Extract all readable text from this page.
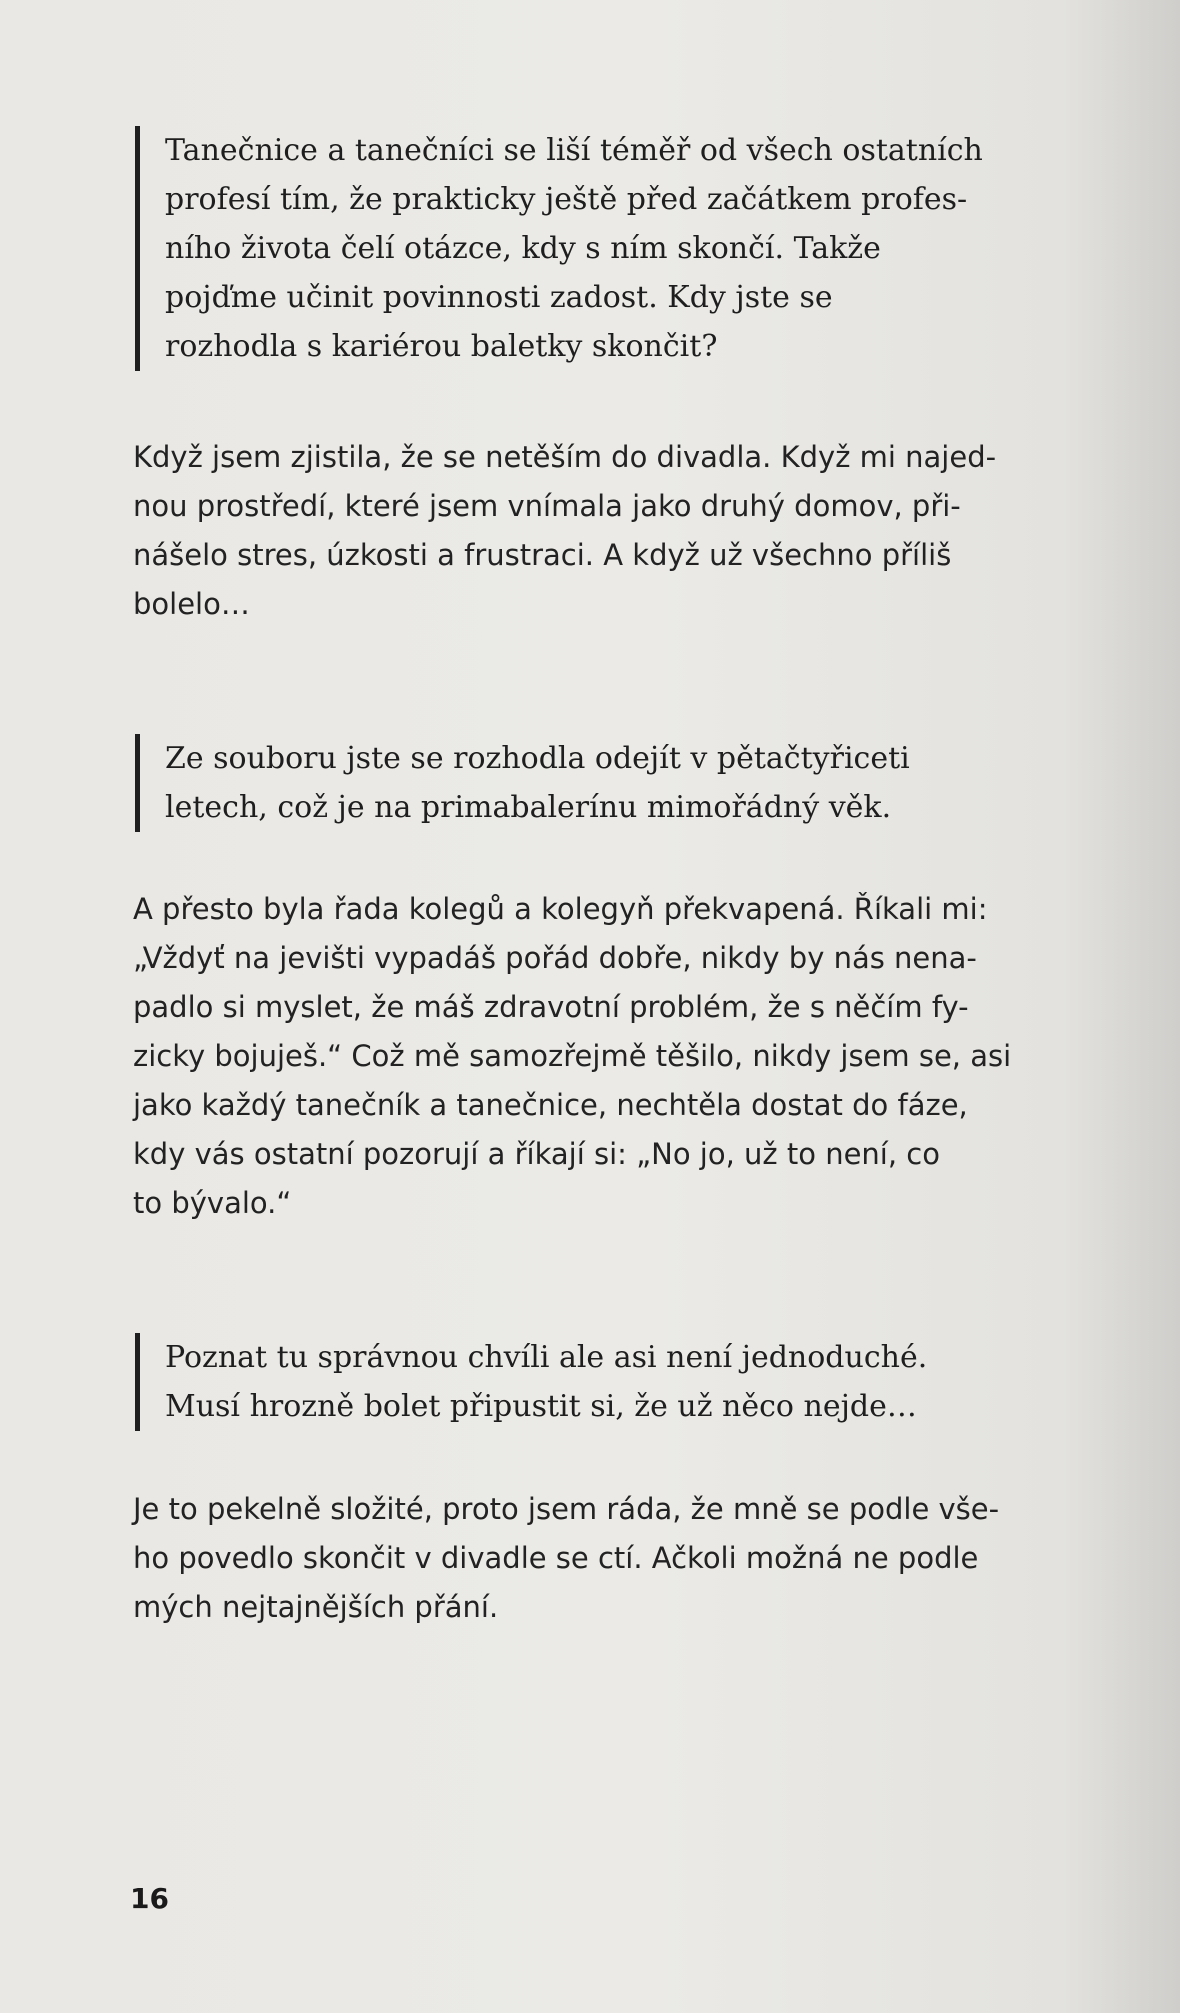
Tanečnice a tanečníci se liší téměř od všech ostatních
profesí tím, že prakticky ještě před začátkem profes-
ního života čelí otázce, kdy s ním skončí. Takže
pojďme učinit povinnosti zadost. Kdy jste se
rozhodla s kariérou baletky skončit?
Když jsem zjistila, že se netěším do divadla. Když mi najed-
nou prostředí, které jsem vnímala jako druhý domov, při-
nášelo stres, úzkosti a frustraci. A když už všechno příliš
bolelo…
Ze souboru jste se rozhodla odejít v pětačtyřiceti
letech, což je na primabalerínu mimořádný věk.
A přesto byla řada kolegů a kolegyň překvapená. Říkali mi:
„Vždyť na jevišti vypadáš pořád dobře, nikdy by nás nena-
padlo si myslet, že máš zdravotní problém, že s něčím fy-
zicky bojuješ.“ Což mě samozřejmě těšilo, nikdy jsem se, asi
jako každý tanečník a tanečnice, nechtěla dostat do fáze,
kdy vás ostatní pozorují a říkají si: „No jo, už to není, co
to bývalo.“
Poznat tu správnou chvíli ale asi není jednoduché.
Musí hrozně bolet připustit si, že už něco nejde…
Je to pekelně složité, proto jsem ráda, že mně se podle vše-
ho povedlo skončit v divadle se ctí. Ačkoli možná ne podle
mých nejtajnějších přání.
16
